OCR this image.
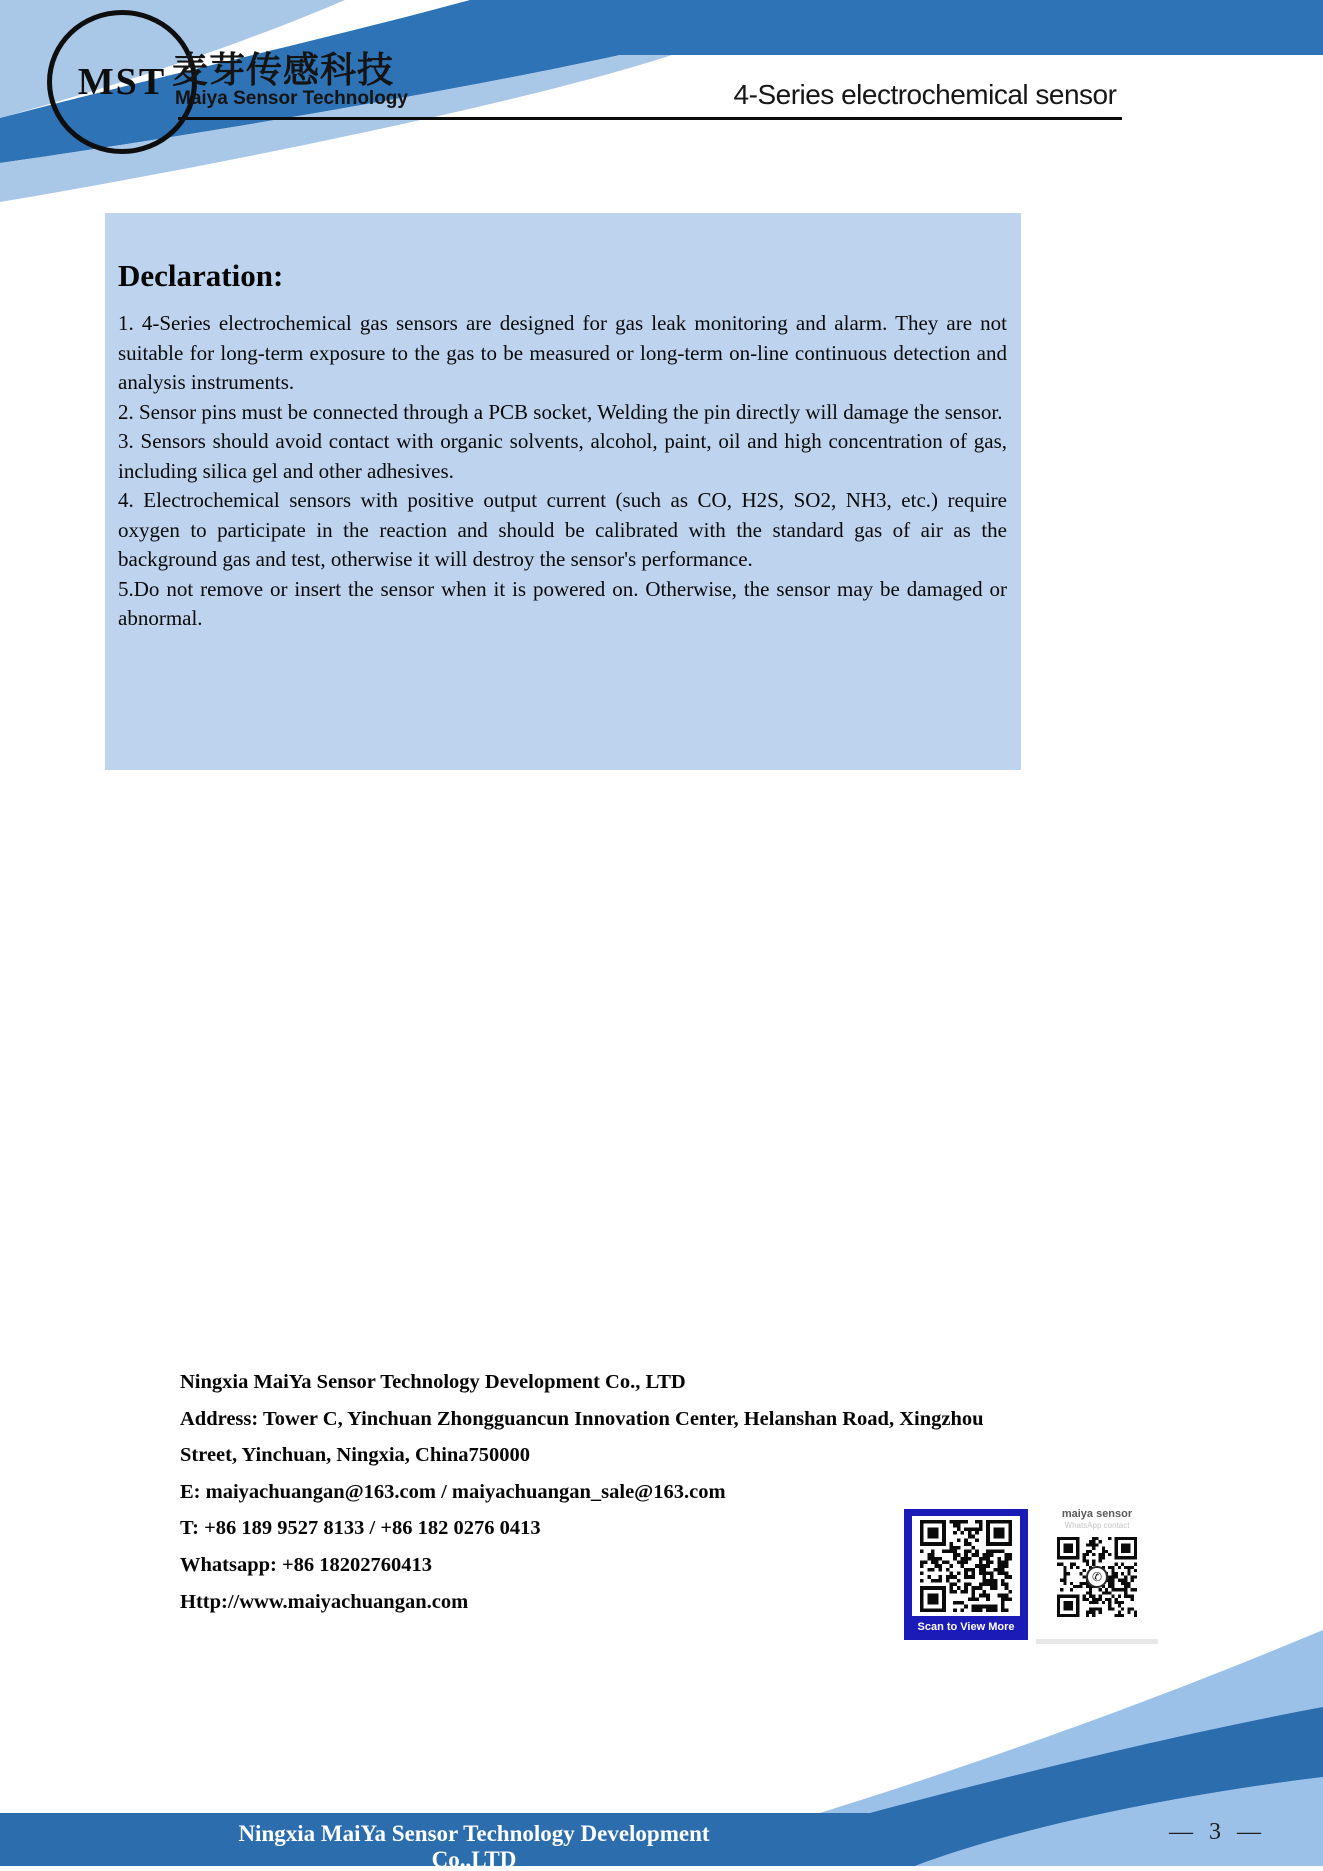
MST 麦芽传感科技
Maiya Sensor Technology	4-Series electrochemical sensor
Declaration:

1. 4-Series electrochemical gas sensors are designed for gas leak monitoring and alarm. They are not suitable for long-term exposure to the gas to be measured or long-term on-line continuous detection and analysis instruments.

2. Sensor pins must be connected through a PCB socket, Welding the pin directly will damage the sensor.

3. Sensors should avoid contact with organic solvents, alcohol, paint, oil and high concentration of gas, including silica gel and other adhesives.

4. Electrochemical sensors with positive output current (such as CO, H2S, SO2, NH3, etc.) require oxygen to participate in the reaction and should be calibrated with the standard gas of air as the background gas and test, otherwise it will destroy the sensor's performance.

5.Do not remove or insert the sensor when it is powered on. Otherwise, the sensor may be damaged or abnormal.

Ningxia MaiYa Sensor Technology Development Co., LTD
Address: Tower C, Yinchuan Zhongguancun Innovation Center, Helanshan Road, Xingzhou
Street, Yinchuan, Ningxia, China750000
E: maiyachuangan@163.com / maiyachuangan_sale@163.com
T: +86 189 9527 8133 / +86 182 0276 0413
Whatsapp: +86 18202760413
Http://www.maiyachuangan.com
Scan to View More
maiya sensor
WhatsApp contact
✆
Ningxia MaiYa Sensor Technology Development Co.,LTD
— 3 —
